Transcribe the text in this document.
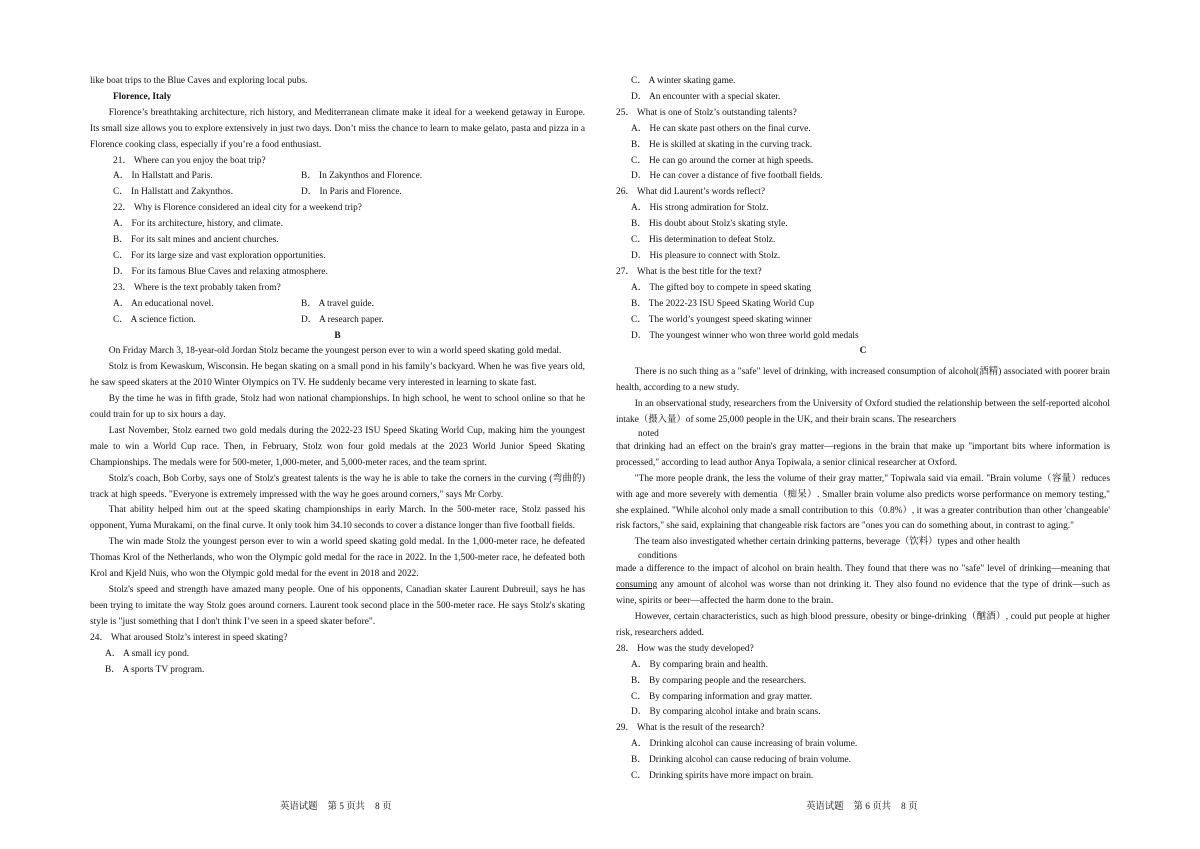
like boat trips to the Blue Caves and exploring local pubs.

Florence, Italy

Florence’s breathtaking architecture, rich history, and Mediterranean climate make it ideal for a weekend getaway in Europe. Its small size allows you to explore extensively in just two days. Don’t miss the chance to learn to make gelato, pasta and pizza in a Florence cooking class, especially if you’re a food enthusiast.

21． Where can you enjoy the boat trip?

A． In Hallstatt and Paris.	B． In Zakynthos and Florence.
C． In Hallstatt and Zakynthos.	D． In Paris and Florence.

22． Why is Florence considered an ideal city for a weekend trip?

A． For its architecture, history, and climate.

B． For its salt mines and ancient churches.

C． For its large size and vast exploration opportunities.

D． For its famous Blue Caves and relaxing atmosphere.

23． Where is the text probably taken from?

A． An educational novel.	B． A travel guide.
C． A science fiction.	D． A research paper.

B

On Friday March 3, 18-year-old Jordan Stolz became the youngest person ever to win a world speed skating gold medal.

Stolz is from Kewaskum, Wisconsin. He began skating on a small pond in his family’s backyard. When he was five years old, he saw speed skaters at the 2010 Winter Olympics on TV. He suddenly became very interested in learning to skate fast.

By the time he was in fifth grade, Stolz had won national championships. In high school, he went to school online so that he could train for up to six hours a day.

Last November, Stolz earned two gold medals during the 2022-23 ISU Speed Skating World Cup, making him the youngest male to win a World Cup race. Then, in February, Stolz won four gold medals at the 2023 World Junior Speed Skating Championships. The medals were for 500-meter, 1,000-meter, and 5,000-meter races, and the team sprint.

Stolz's coach, Bob Corby, says one of Stolz's greatest talents is the way he is able to take the corners in the curving (弯曲的) track at high speeds. "Everyone is extremely impressed with the way he goes around corners," says Mr Corby.

That ability helped him out at the speed skating championships in early March. In the 500-meter race, Stolz passed his opponent, Yuma Murakami, on the final curve. It only took him 34.10 seconds to cover a distance longer than five football fields.

The win made Stolz the youngest person ever to win a world speed skating gold medal. In the 1,000-meter race, he defeated Thomas Krol of the Netherlands, who won the Olympic gold medal for the race in 2022. In the 1,500-meter race, he defeated both Krol and Kjeld Nuis, who won the Olympic gold medal for the event in 2018 and 2022.

Stolz's speed and strength have amazed many people. One of his opponents, Canadian skater Laurent Dubreuil, says he has been trying to imitate the way Stolz goes around corners. Laurent took second place in the 500-meter race. He says Stolz's skating style is "just something that I don't think I’ve seen in a speed skater before".

24． What aroused Stolz’s interest in speed skating?

A． A small icy pond.

B． A sports TV program.

C． A winter skating game.

D． An encounter with a special skater.

25． What is one of Stolz’s outstanding talents?

A． He can skate past others on the final curve.

B． He is skilled at skating in the curving track.

C． He can go around the corner at high speeds.

D． He can cover a distance of five football fields.

26． What did Laurent’s words reflect?

A． His strong admiration for Stolz.

B． His doubt about Stolz's skating style.

C． His determination to defeat Stolz.

D． His pleasure to connect with Stolz.

27． What is the best title for the text?

A． The gifted boy to compete in speed skating

B． The 2022-23 ISU Speed Skating World Cup

C． The world’s youngest speed skating winner

D． The youngest winner who won three world gold medals

C

There is no such thing as a "safe" level of drinking, with increased consumption of alcohol(酒精) associated with poorer brain health, according to a new study.

In an observational study, researchers from the University of Oxford studied the relationship between the self-reported alcohol intake（摄入量）of some 25,000 people in the UK, and their brain scans. The researchers

noted

that drinking had an effect on the brain's gray matter—regions in the brain that make up "important bits where information is processed," according to lead author Anya Topiwala, a senior clinical researcher at Oxford.

"The more people drank, the less the volume of their gray matter," Topiwala said via email. "Brain volume（容量）reduces with age and more severely with dementia（痴呆）. Smaller brain volume also predicts worse performance on memory testing," she explained. "While alcohol only made a small contribution to this（0.8%）, it was a greater contribution than other 'changeable' risk factors," she said, explaining that changeable risk factors are "ones you can do something about, in contrast to aging."

The team also investigated whether certain drinking patterns, beverage（饮料）types and other health

conditions

made a difference to the impact of alcohol on brain health. They found that there was no "safe" level of drinking—meaning that consuming any amount of alcohol was worse than not drinking it. They also found no evidence that the type of drink—such as wine, spirits or beer—affected the harm done to the brain.

However, certain characteristics, such as high blood pressure, obesity or binge-drinking（酗酒）, could put people at higher risk, researchers added.

28． How was the study developed?

A． By comparing brain and health.

B． By comparing people and the researchers.

C． By comparing information and gray matter.

D． By comparing alcohol intake and brain scans.

29． What is the result of the research?

A． Drinking alcohol can cause increasing of brain volume.

B． Drinking alcohol can cause reducing of brain volume.

C． Drinking spirits have more impact on brain.

英语试题 第 5 页共 8 页	英语试题 第 6 页共 8 页
